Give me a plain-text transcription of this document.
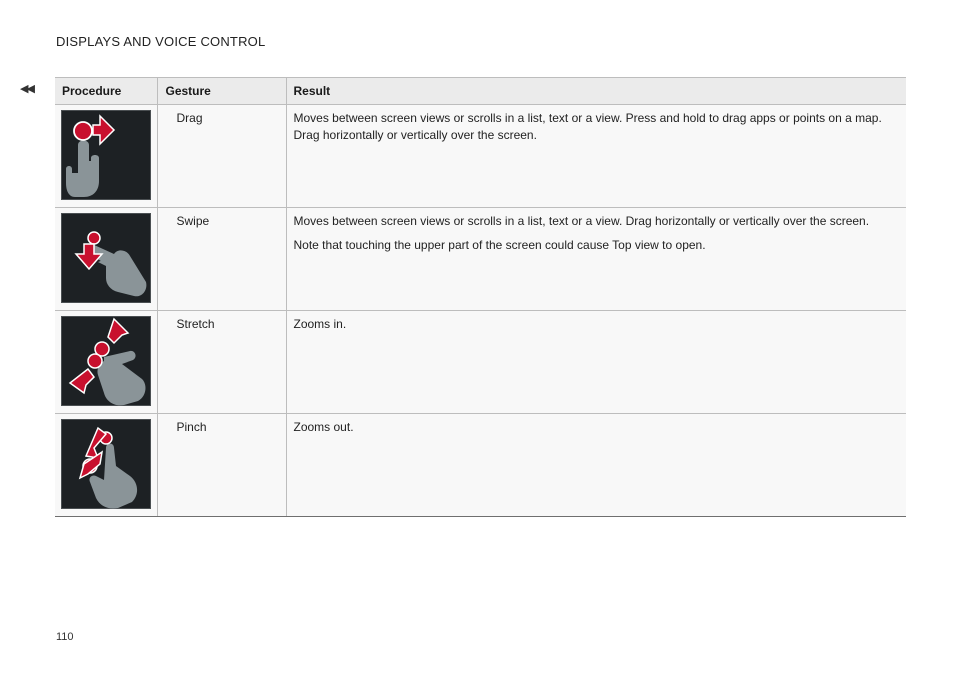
DISPLAYS AND VOICE CONTROL
◀◀ Procedure	Gesture	Result

	Drag	Moves between screen views or scrolls in a list, text or a view. Press and hold to drag apps or points on a map. Drag horizontally or vertically over the screen.

	Swipe	Moves between screen views or scrolls in a list, text or a view. Drag horizontally or vertically over the screen.

Note that touching the upper part of the screen could cause Top view to open.

	Stretch	Zooms in.

	Pinch	Zooms out.

110
